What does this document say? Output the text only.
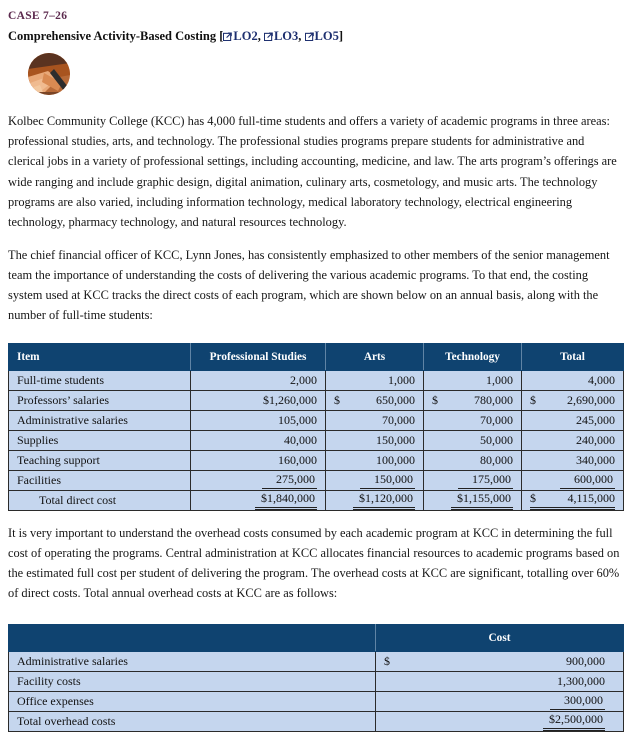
CASE 7–26
Comprehensive Activity-Based Costing [ LO2, LO3, LO5]

Kolbec Community College (KCC) has 4,000 full-time students and offers a variety of academic programs in three areas: professional studies, arts, and technology. The professional studies programs prepare students for administrative and clerical jobs in a variety of professional settings, including accounting, medicine, and law. The arts program’s offerings are wide ranging and include graphic design, digital animation, culinary arts, cosmetology, and music arts. The technology programs are also varied, including information technology, medical laboratory technology, electrical engineering technology, pharmacy technology, and natural resources technology.

The chief financial officer of KCC, Lynn Jones, has consistently emphasized to other members of the senior management team the importance of understanding the costs of delivering the various academic programs. To that end, the costing system used at KCC tracks the direct costs of each program, which are shown below on an annual basis, along with the number of full-time students:

Item	Professional Studies	Arts	Technology	Total
Full-time students	2,000	1,000	1,000	4,000
Professors’ salaries	$1,260,000	$ 650,000	$ 780,000	$ 2,690,000

Administrative salaries	105,000	70,000	70,000	245,000
Supplies	40,000	150,000	50,000	240,000
Teaching support	160,000	100,000	80,000	340,000
Facilities	275,000	150,000	175,000	600,000
Total direct cost	$1,840,000	$1,120,000	$1,155,000	$ 4,115,000

It is very important to understand the overhead costs consumed by each academic program at KCC in determining the full cost of operating the programs. Central administration at KCC allocates financial resources to academic programs based on the estimated full cost per student of delivering the program. The overhead costs at KCC are significant, totalling over 60% of direct costs. Total annual overhead costs at KCC are as follows:

	Cost
Administrative salaries	$ 900,000

Facility costs	1,300,000
Office expenses	300,000
Total overhead costs	$2,500,000
